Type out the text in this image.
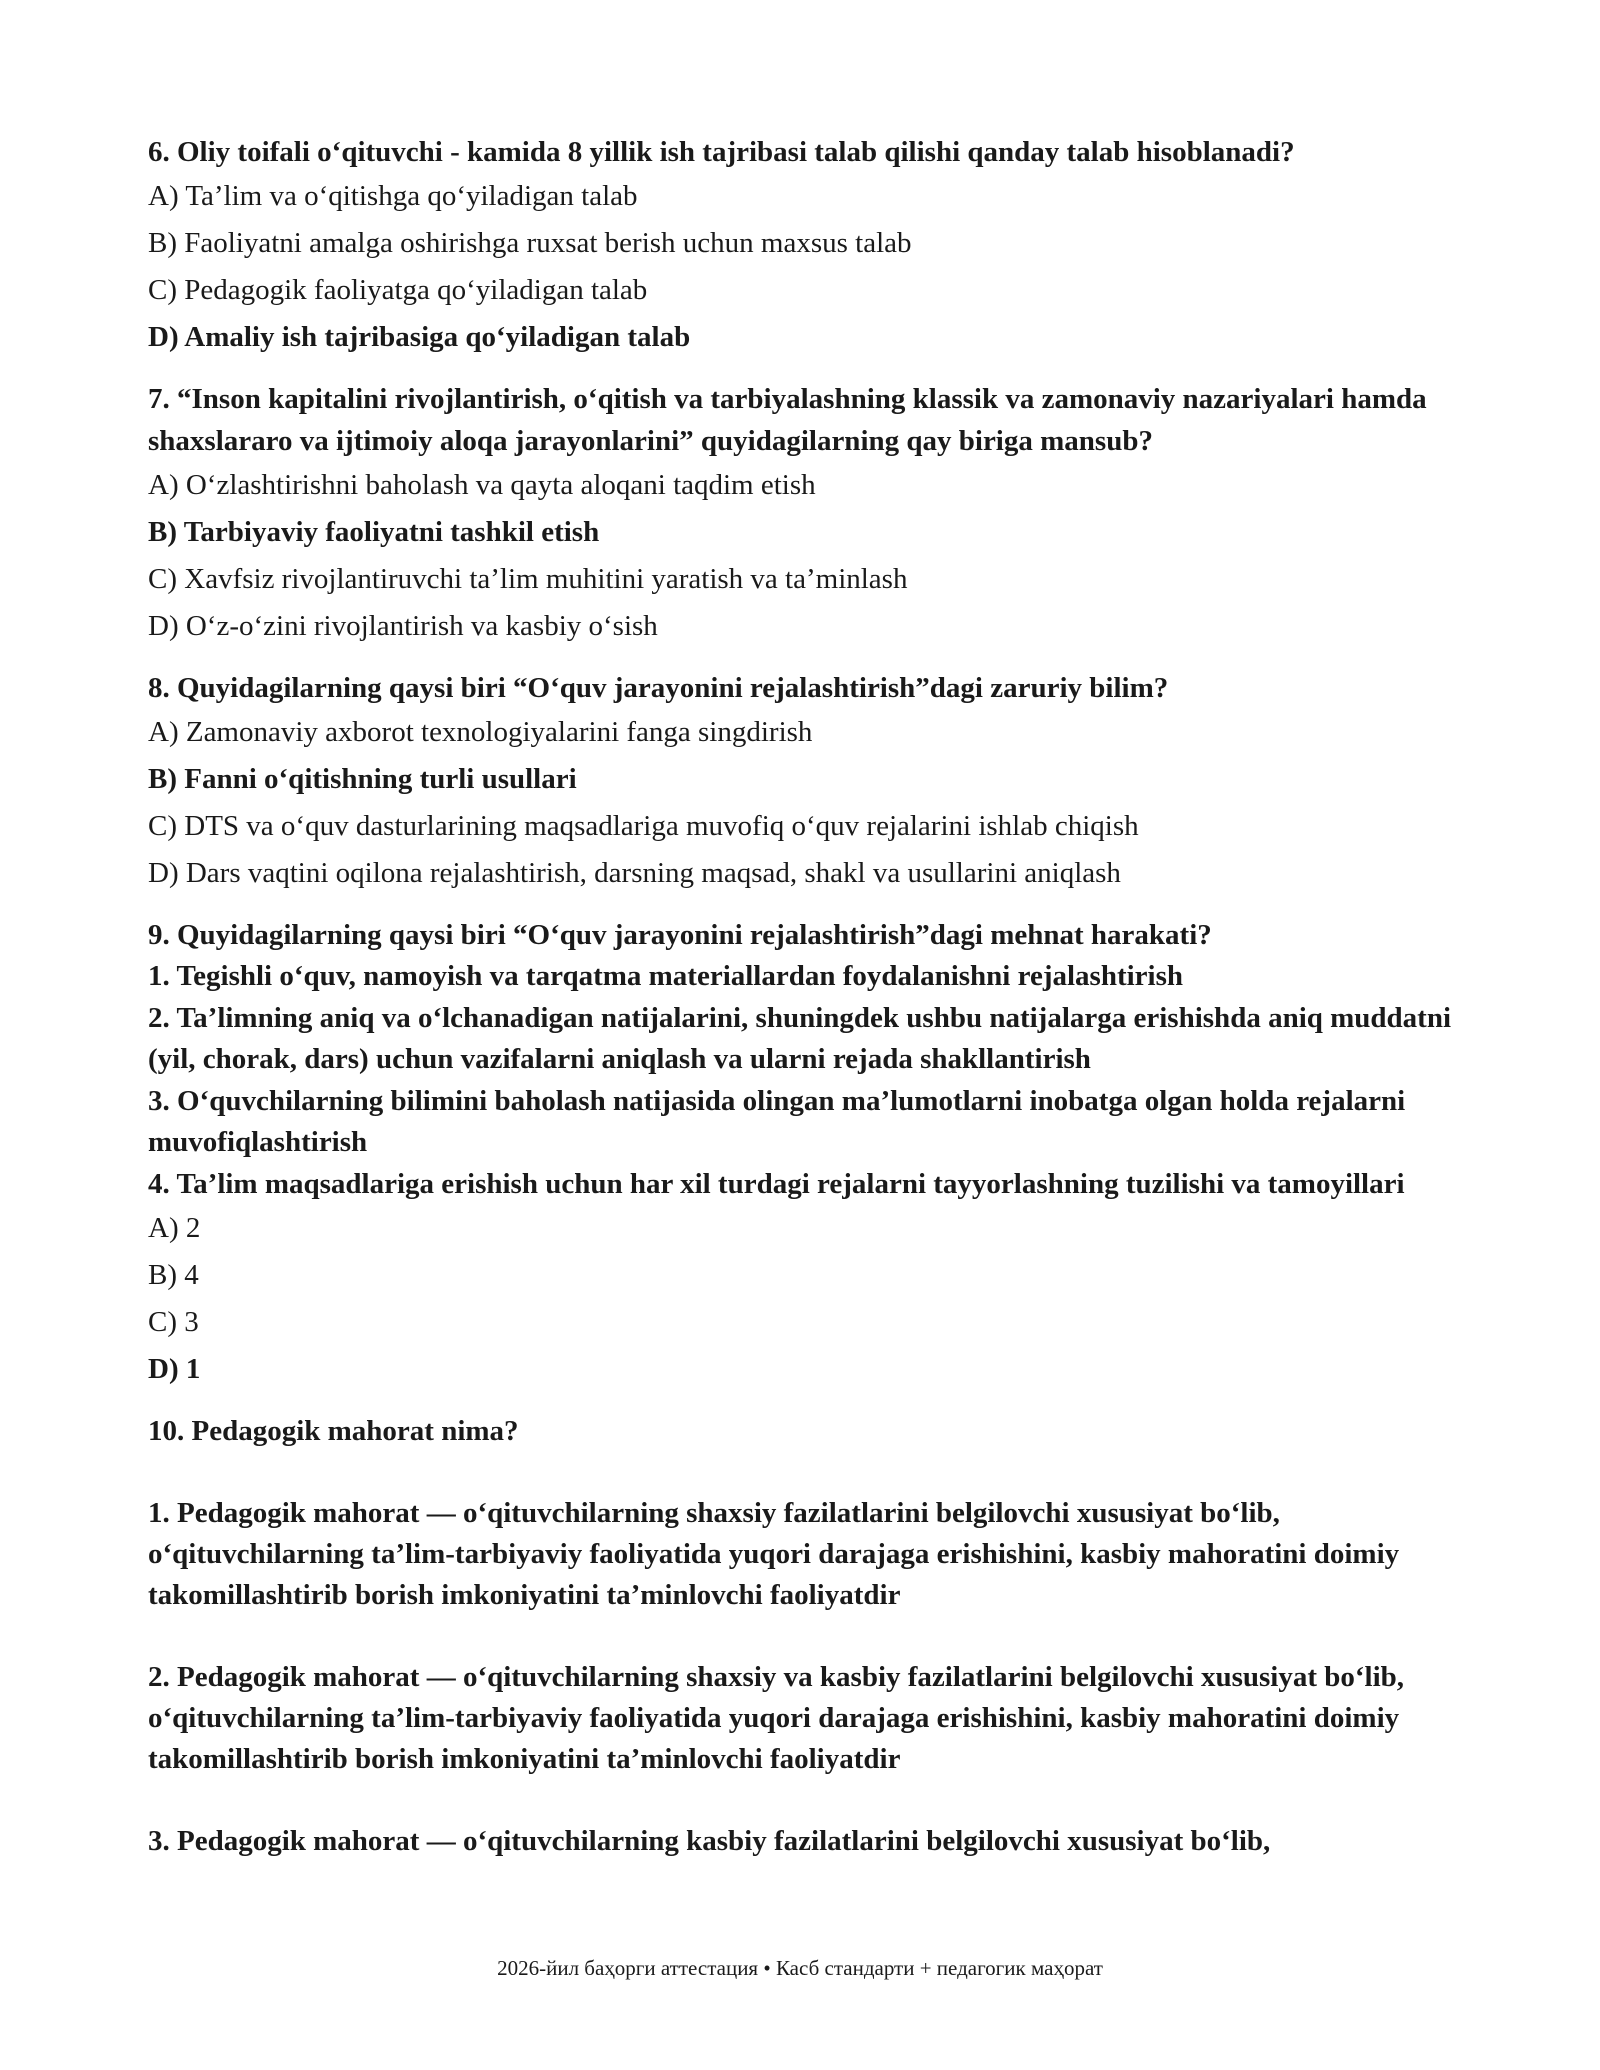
6. Oliy toifali o‘qituvchi - kamida 8 yillik ish tajribasi talab qilishi qanday talab hisoblanadi?
A) Ta’lim va o‘qitishga qo‘yiladigan talab
B) Faoliyatni amalga oshirishga ruxsat berish uchun maxsus talab
C) Pedagogik faoliyatga qo‘yiladigan talab
D) Amaliy ish tajribasiga qo‘yiladigan talab
7. “Inson kapitalini rivojlantirish, o‘qitish va tarbiyalashning klassik va zamonaviy nazariyalari hamda shaxslararo va ijtimoiy aloqa jarayonlarini” quyidagilarning qay biriga mansub?
A) O‘zlashtirishni baholash va qayta aloqani taqdim etish
B) Tarbiyaviy faoliyatni tashkil etish
C) Xavfsiz rivojlantiruvchi ta’lim muhitini yaratish va ta’minlash
D) O‘z-o‘zini rivojlantirish va kasbiy o‘sish
8. Quyidagilarning qaysi biri “O‘quv jarayonini rejalashtirish”dagi zaruriy bilim?
A) Zamonaviy axborot texnologiyalarini fanga singdirish
B) Fanni o‘qitishning turli usullari
C) DTS va o‘quv dasturlarining maqsadlariga muvofiq o‘quv rejalarini ishlab chiqish
D) Dars vaqtini oqilona rejalashtirish, darsning maqsad, shakl va usullarini aniqlash
9. Quyidagilarning qaysi biri “O‘quv jarayonini rejalashtirish”dagi mehnat harakati?
1. Tegishli o‘quv, namoyish va tarqatma materiallardan foydalanishni rejalashtirish
2. Ta’limning aniq va o‘lchanadigan natijalarini, shuningdek ushbu natijalarga erishishda aniq muddatni (yil, chorak, dars) uchun vazifalarni aniqlash va ularni rejada shakllantirish
3. O‘quvchilarning bilimini baholash natijasida olingan ma’lumotlarni inobatga olgan holda rejalarni muvofiqlashtirish
4. Ta’lim maqsadlariga erishish uchun har xil turdagi rejalarni tayyorlashning tuzilishi va tamoyillari
A) 2
B) 4
C) 3
D) 1
10. Pedagogik mahorat nima?
1. Pedagogik mahorat — o‘qituvchilarning shaxsiy fazilatlarini belgilovchi xususiyat bo‘lib, o‘qituvchilarning ta’lim-tarbiyaviy faoliyatida yuqori darajaga erishishini, kasbiy mahoratini doimiy takomillashtirib borish imkoniyatini ta’minlovchi faoliyatdir
2. Pedagogik mahorat — o‘qituvchilarning shaxsiy va kasbiy fazilatlarini belgilovchi xususiyat bo‘lib, o‘qituvchilarning ta’lim-tarbiyaviy faoliyatida yuqori darajaga erishishini, kasbiy mahoratini doimiy takomillashtirib borish imkoniyatini ta’minlovchi faoliyatdir
3. Pedagogik mahorat — o‘qituvchilarning kasbiy fazilatlarini belgilovchi xususiyat bo‘lib,
2026-йил баҳорги аттестация • Касб стандарти + педагогик маҳорат
